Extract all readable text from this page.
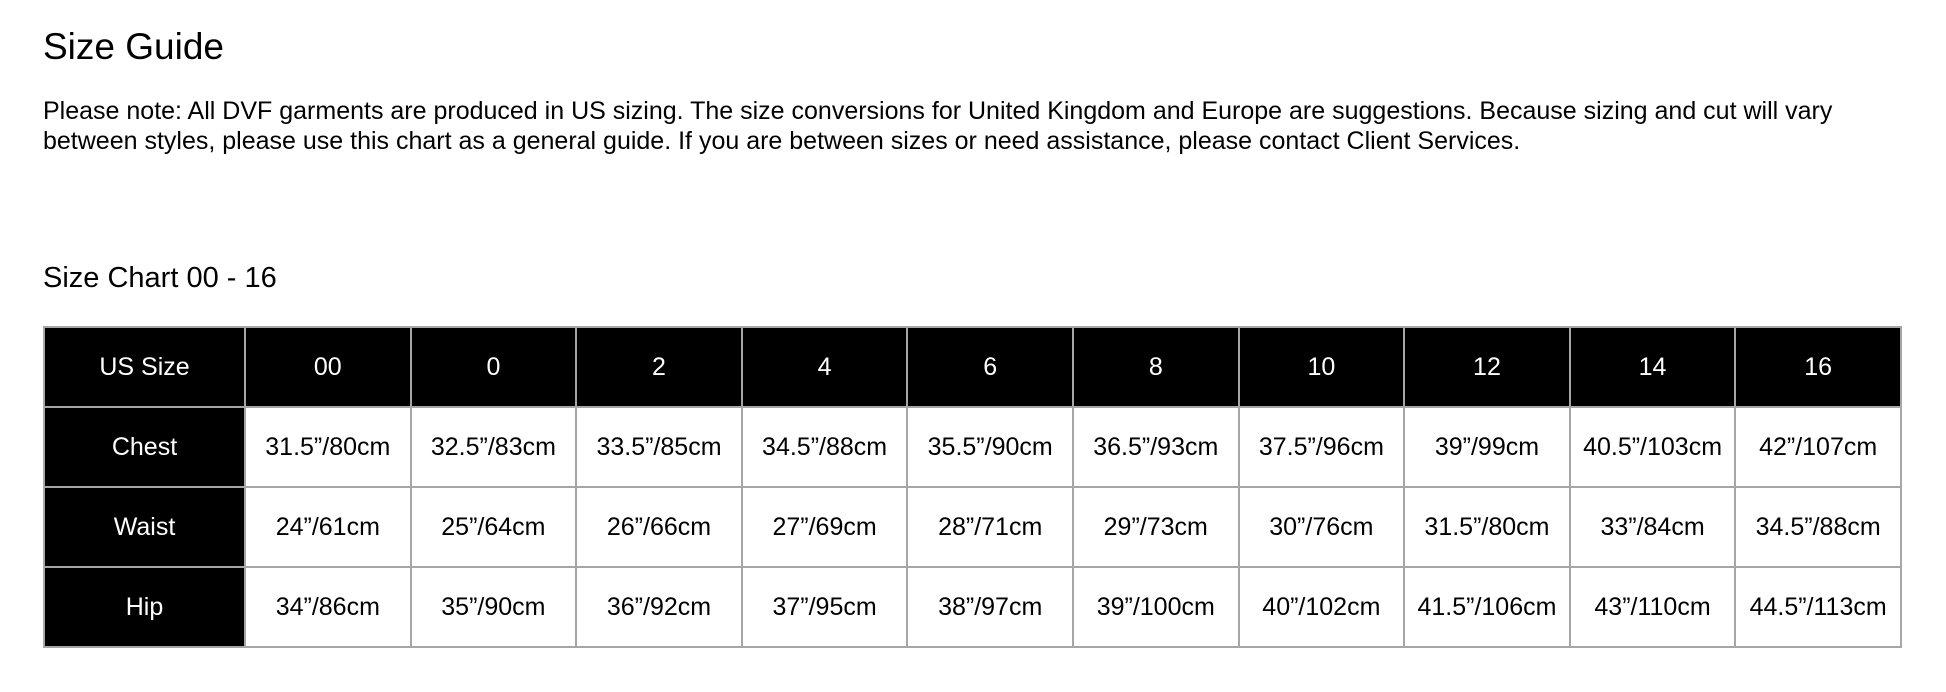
Size Guide

Please note: All DVF garments are produced in US sizing. The size conversions for United Kingdom and Europe are suggestions. Because sizing and cut will vary between styles, please use this chart as a general guide. If you are between sizes or need assistance, please contact Client Services.

Size Chart 00 - 16
US Size	00	0	2	4	6	8	10	12	14	16
Chest	31.5”/80cm	32.5”/83cm	33.5”/85cm	34.5”/88cm	35.5”/90cm	36.5”/93cm	37.5”/96cm	39”/99cm	40.5”/103cm	42”/107cm
Waist	24”/61cm	25”/64cm	26”/66cm	27”/69cm	28”/71cm	29”/73cm	30”/76cm	31.5”/80cm	33”/84cm	34.5”/88cm
Hip	34”/86cm	35”/90cm	36”/92cm	37”/95cm	38”/97cm	39”/100cm	40”/102cm	41.5”/106cm	43”/110cm	44.5”/113cm
